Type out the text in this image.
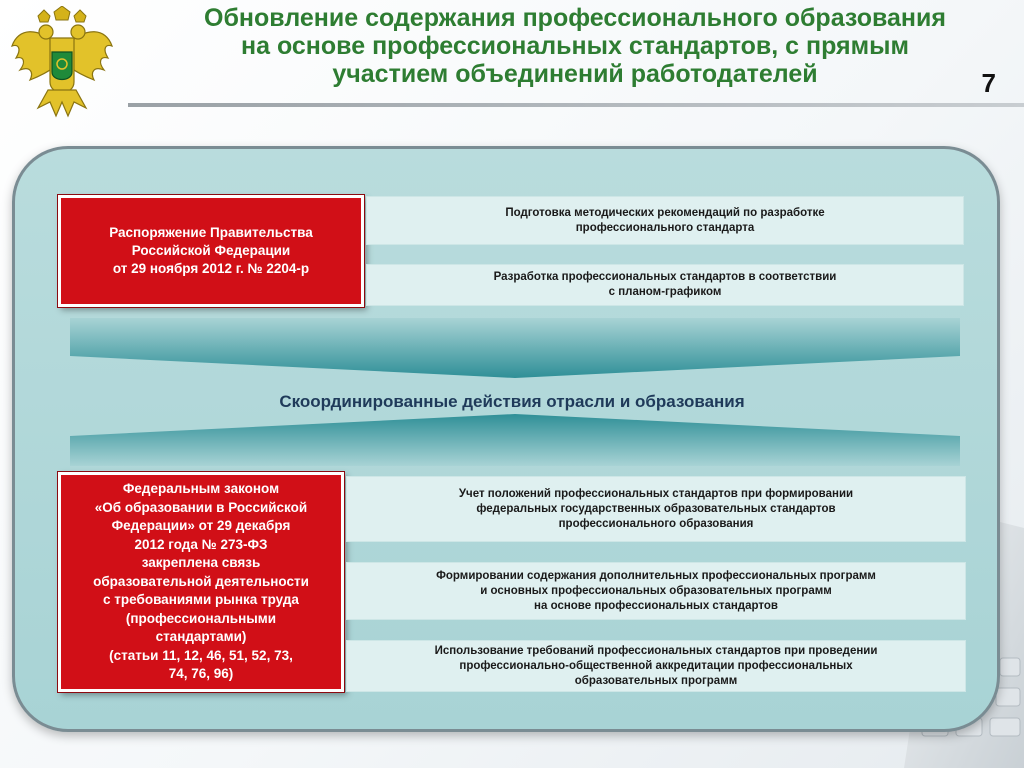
Обновление содержания профессионального образования
на основе профессиональных стандартов, с прямым
участием объединений работодателей	7
Распоряжение Правительства
Российской Федерации
от 29 ноября 2012 г. № 2204-р
Подготовка методических рекомендаций по разработке
профессионального стандарта
Разработка профессиональных стандартов в соответствии
с планом-графиком

Скоординированные действия отрасли и образования

Федеральным законом
«Об образовании в Российской
Федерации» от 29 декабря
2012 года № 273-ФЗ
закреплена связь
образовательной деятельности
с требованиями рынка труда
(профессиональными
стандартами)
(статьи 11, 12, 46, 51, 52, 73,
74, 76, 96)
Учет положений профессиональных стандартов при формировании
федеральных государственных образовательных стандартов
профессионального образования
Формировании содержания дополнительных профессиональных программ
и основных профессиональных образовательных программ
на основе профессиональных стандартов
Использование требований профессиональных стандартов при проведении
профессионально-общественной аккредитации профессиональных
образовательных программ
